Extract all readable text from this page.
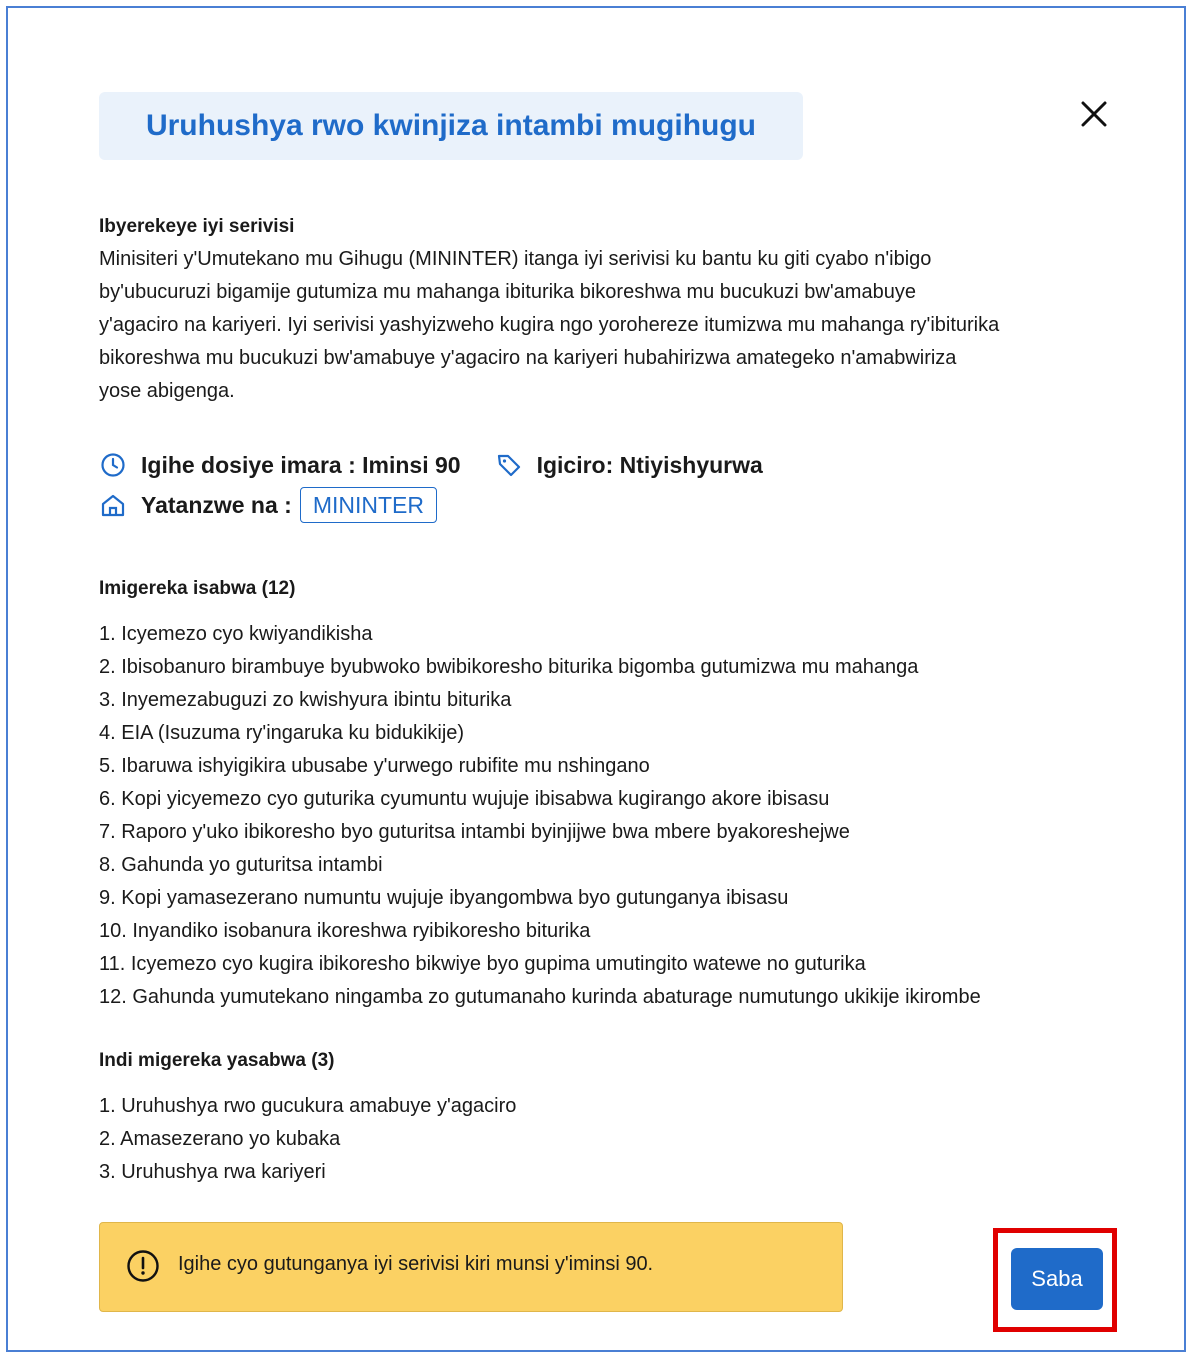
Uruhushya rwo kwinjiza intambi mugihugu
Ibyerekeye iyi serivisi
Minisiteri y'Umutekano mu Gihugu (MININTER) itanga iyi serivisi ku bantu ku giti cyabo n'ibigo
by'ubucuruzi bigamije gutumiza mu mahanga ibiturika bikoreshwa mu bucukuzi bw'amabuye
y'agaciro na kariyeri. Iyi serivisi yashyizweho kugira ngo yorohereze itumizwa mu mahanga ry'ibiturika
bikoreshwa mu bucukuzi bw'amabuye y'agaciro na kariyeri hubahirizwa amategeko n'amabwiriza
yose abigenga.
Igihe dosiye imara : Iminsi 90	Igiciro: Ntiyishyurwa
Yatanzwe na : MININTER
Imigereka isabwa (12)
1. Icyemezo cyo kwiyandikisha
2. Ibisobanuro birambuye byubwoko bwibikoresho biturika bigomba gutumizwa mu mahanga
3. Inyemezabuguzi zo kwishyura ibintu biturika
4. EIA (Isuzuma ry'ingaruka ku bidukikije)
5. Ibaruwa ishyigikira ubusabe y'urwego rubifite mu nshingano
6. Kopi yicyemezo cyo guturika cyumuntu wujuje ibisabwa kugirango akore ibisasu
7. Raporo y'uko ibikoresho byo guturitsa intambi byinjijwe bwa mbere byakoreshejwe
8. Gahunda yo guturitsa intambi
9. Kopi yamasezerano numuntu wujuje ibyangombwa byo gutunganya ibisasu
10. Inyandiko isobanura ikoreshwa ryibikoresho biturika
11. Icyemezo cyo kugira ibikoresho bikwiye byo gupima umutingito watewe no guturika
12. Gahunda yumutekano ningamba zo gutumanaho kurinda abaturage numutungo ukikije ikirombe
Indi migereka yasabwa (3)
1. Uruhushya rwo gucukura amabuye y'agaciro
2. Amasezerano yo kubaka
3. Uruhushya rwa kariyeri
Igihe cyo gutunganya iyi serivisi kiri munsi y'iminsi 90.
Saba
